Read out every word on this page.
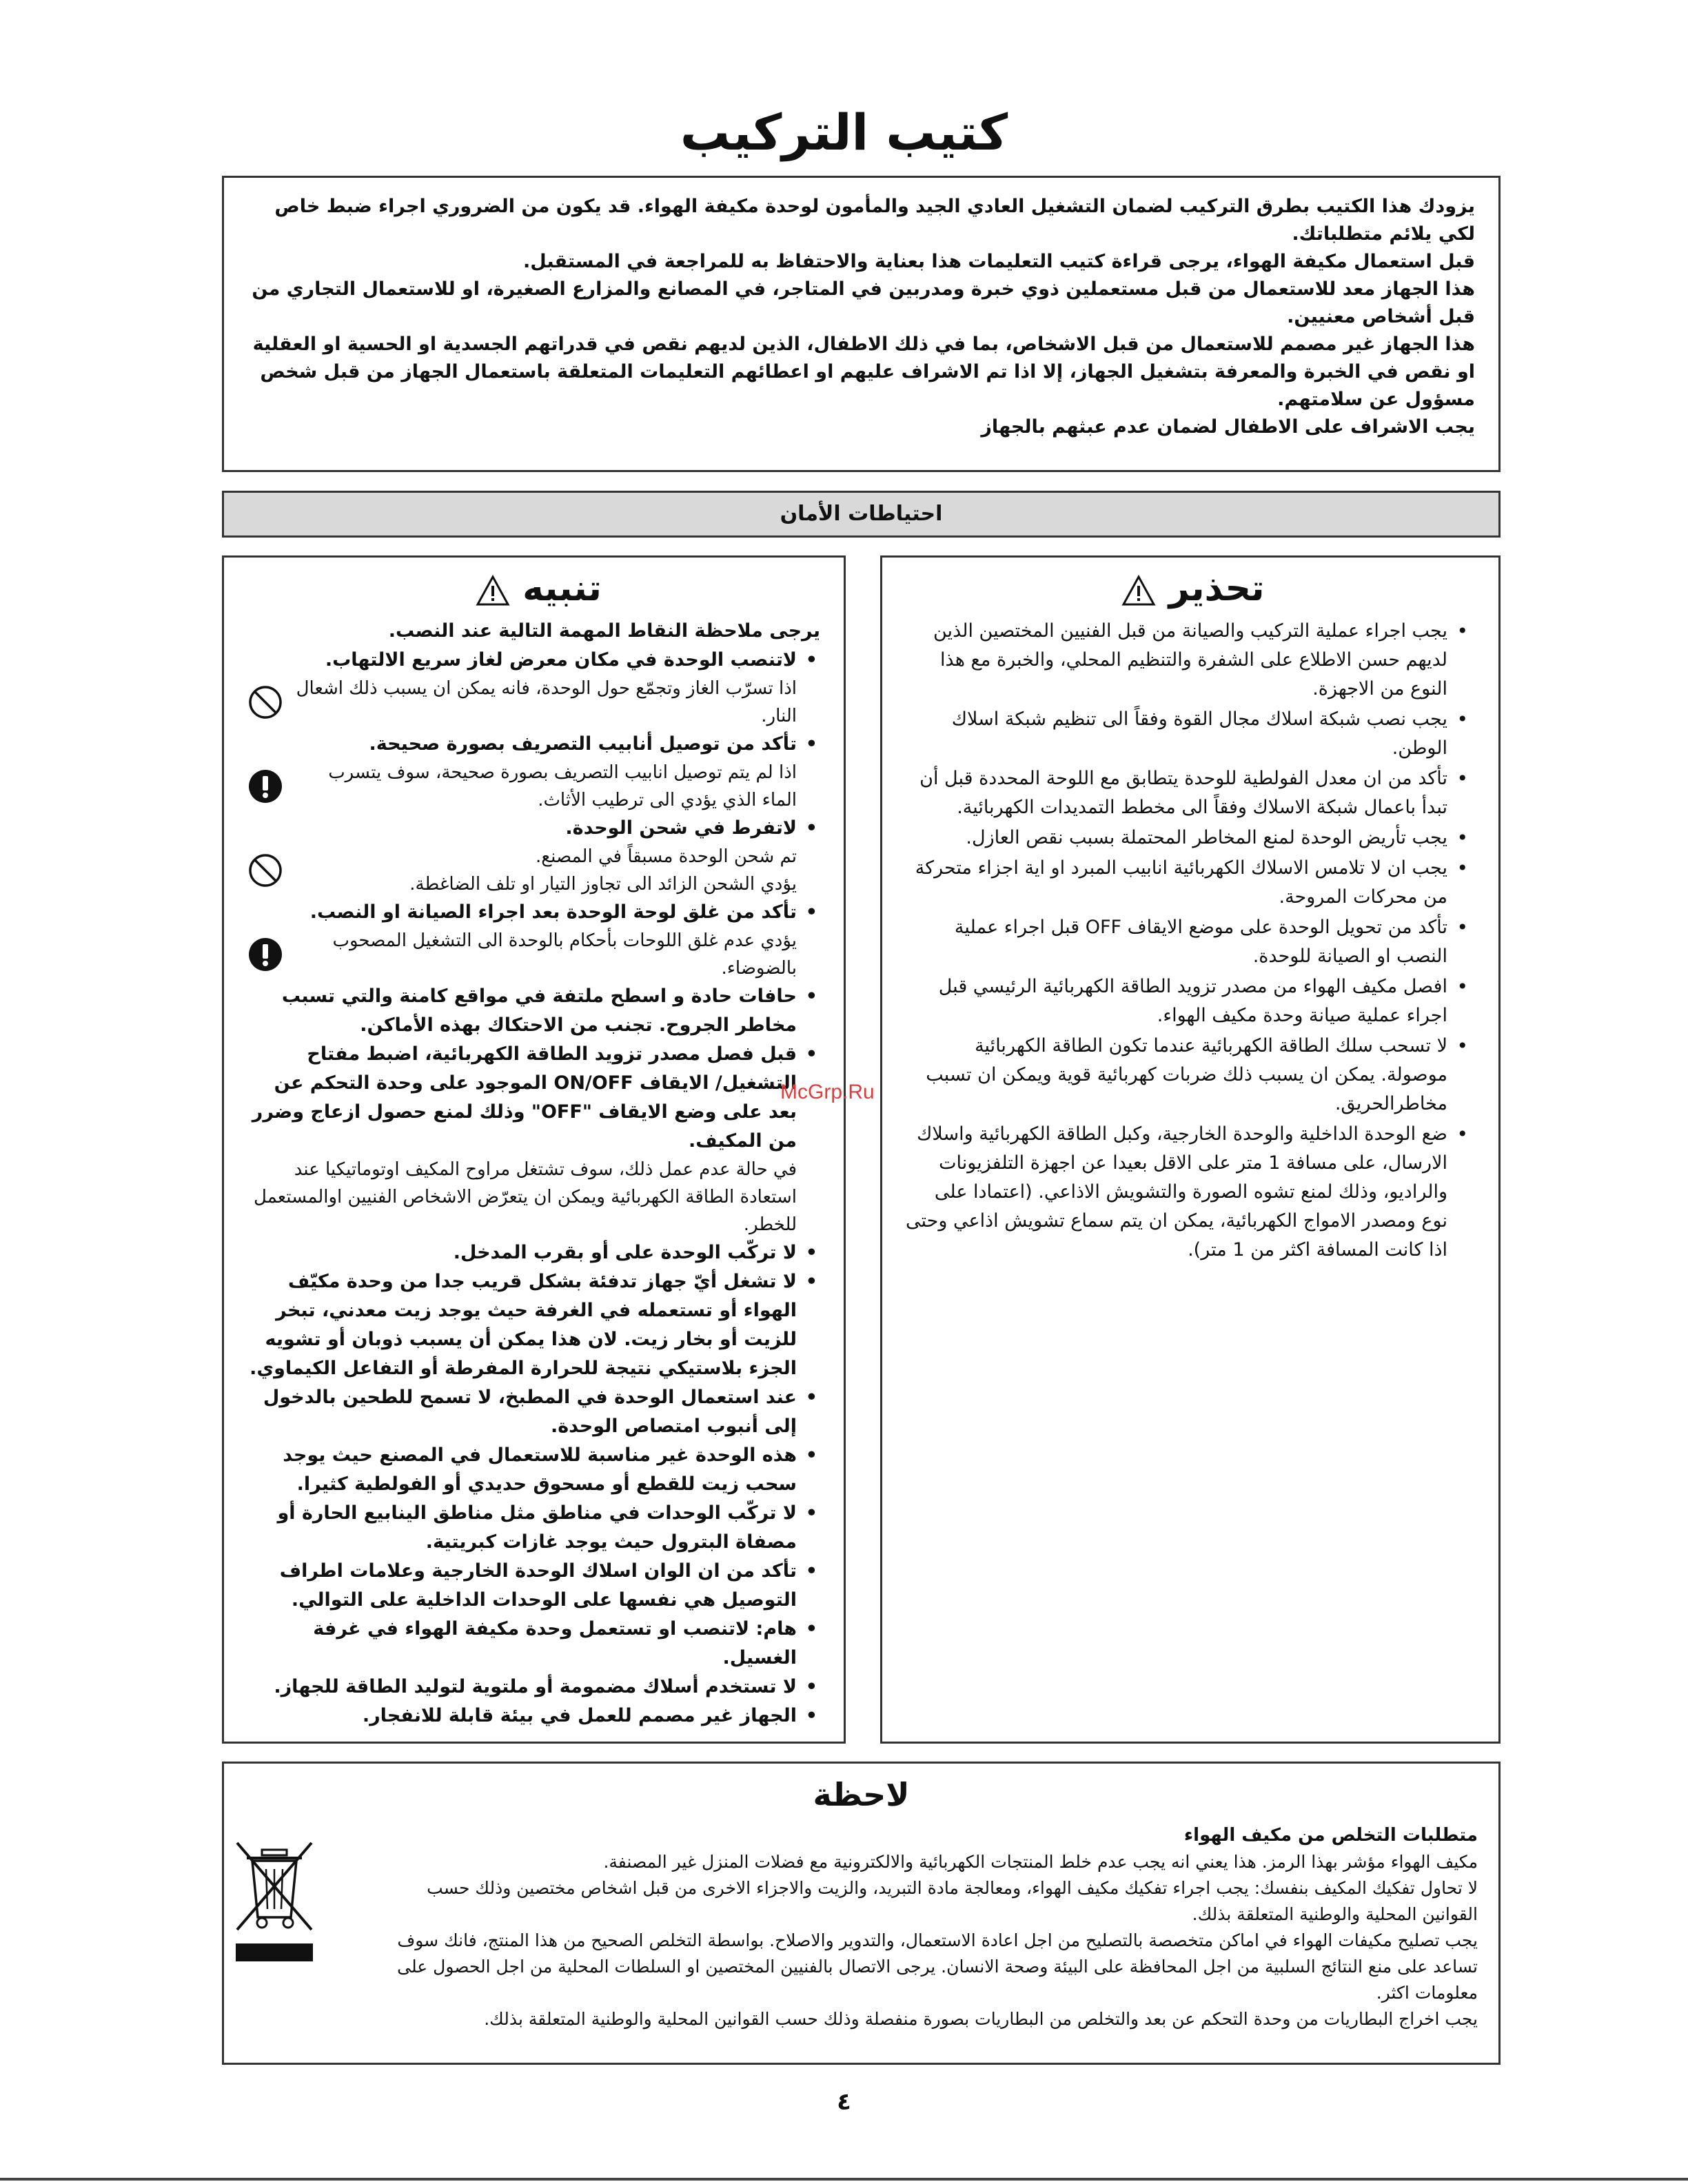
كتيب التركيب
يزودك هذا الكتيب بطرق التركيب لضمان التشغيل العادي الجيد والمأمون لوحدة مكيفة الهواء. قد يكون من الضروري اجراء ضبط خاص لكي يلائم متطلباتك.
قبل استعمال مكيفة الهواء، يرجى قراءة كتيب التعليمات هذا بعناية والاحتفاظ به للمراجعة في المستقبل.
هذا الجهاز معد للاستعمال من قبل مستعملين ذوي خبرة ومدربين في المتاجر، في المصانع والمزارع الصغيرة، او للاستعمال التجاري من قبل أشخاص معنيين.
هذا الجهاز غير مصمم للاستعمال من قبل الاشخاص، بما في ذلك الاطفال، الذين لديهم نقص في قدراتهم الجسدية او الحسية او العقلية او نقص في الخبرة والمعرفة بتشغيل الجهاز، إلا اذا تم الاشراف عليهم او اعطائهم التعليمات المتعلقة باستعمال الجهاز من قبل شخص مسؤول عن سلامتهم.
يجب الاشراف على الاطفال لضمان عدم عبثهم بالجهاز
احتياطات الأمان
تحذير
• يجب اجراء عملية التركيب والصيانة من قبل الفنيين المختصين الذين لديهم حسن الاطلاع على الشفرة والتنظيم المحلي، والخبرة مع هذا النوع من الاجهزة.
• يجب نصب شبكة اسلاك مجال القوة وفقاً الى تنظيم شبكة اسلاك الوطن.
• تأكد من ان معدل الفولطية للوحدة يتطابق مع اللوحة المحددة قبل أن تبدأ باعمال شبكة الاسلاك وفقاً الى مخطط التمديدات الكهربائية.
• يجب تأريض الوحدة لمنع المخاطر المحتملة بسبب نقص العازل.
• يجب ان لا تلامس الاسلاك الكهربائية انابيب المبرد او اية اجزاء متحركة من محركات المروحة.
• تأكد من تحويل الوحدة على موضع الايقاف OFF قبل اجراء عملية النصب او الصيانة للوحدة.
• افصل مكيف الهواء من مصدر تزويد الطاقة الكهربائية الرئيسي قبل اجراء عملية صيانة وحدة مكيف الهواء.
• لا تسحب سلك الطاقة الكهربائية عندما تكون الطاقة الكهربائية موصولة. يمكن ان يسبب ذلك ضربات كهربائية قوية ويمكن ان تسبب مخاطرالحريق.
• ضع الوحدة الداخلية والوحدة الخارجية، وكبل الطاقة الكهربائية واسلاك الارسال، على مسافة 1 متر على الاقل بعيدا عن اجهزة التلفزيونات والراديو، وذلك لمنع تشوه الصورة والتشويش الاذاعي. (اعتمادا على نوع ومصدر الامواج الكهربائية، يمكن ان يتم سماع تشويش اذاعي وحتى اذا كانت المسافة اكثر من 1 متر).
تنبيه
يرجى ملاحظة النقاط المهمة التالية عند النصب.
• لاتنصب الوحدة في مكان معرض لغاز سريع الالتهاب.
اذا تسرّب الغاز وتجمّع حول الوحدة، فانه يمكن ان يسبب ذلك اشعال النار.
• تأكد من توصيل أنابيب التصريف بصورة صحيحة.
اذا لم يتم توصيل انابيب التصريف بصورة صحيحة، سوف يتسرب الماء الذي يؤدي الى ترطيب الأثاث.
• لاتفرط في شحن الوحدة.
تم شحن الوحدة مسبقاً في المصنع.
يؤدي الشحن الزائد الى تجاوز التيار او تلف الضاغطة.
• تأكد من غلق لوحة الوحدة بعد اجراء الصيانة او النصب.
يؤدي عدم غلق اللوحات بأحكام بالوحدة الى التشغيل المصحوب بالضوضاء.
• حافات حادة و اسطح ملتفة في مواقع كامنة والتي تسبب مخاطر الجروح. تجنب من الاحتكاك بهذه الأماكن.
• قبل فصل مصدر تزويد الطاقة الكهربائية، اضبط مفتاح التشغيل/ الايقاف ON/OFF الموجود على وحدة التحكم عن بعد على وضع الايقاف "OFF" وذلك لمنع حصول ازعاج وضرر من المكيف.
في حالة عدم عمل ذلك، سوف تشتغل مراوح المكيف اوتوماتيكيا عند استعادة الطاقة الكهربائية ويمكن ان يتعرّض الاشخاص الفنيين اوالمستعمل للخطر.
• لا تركّب الوحدة على أو بقرب المدخل.
• لا تشغل أيّ جهاز تدفئة بشكل قريب جدا من وحدة مكيّف الهواء أو تستعمله في الغرفة حيث يوجد زيت معدني، تبخر للزيت أو بخار زيت. لان هذا يمكن أن يسبب ذوبان أو تشويه الجزء بلاستيكي نتيجة للحرارة المفرطة أو التفاعل الكيماوي.
• عند استعمال الوحدة في المطبخ، لا تسمح للطحين بالدخول إلى أنبوب امتصاص الوحدة.
• هذه الوحدة غير مناسبة للاستعمال في المصنع حيث يوجد سحب زيت للقطع أو مسحوق حديدي أو الفولطية كثيرا.
• لا تركّب الوحدات في مناطق مثل مناطق الينابيع الحارة أو مصفاة البترول حيث يوجد غازات كبريتية.
• تأكد من ان الوان اسلاك الوحدة الخارجية وعلامات اطراف التوصيل هي نفسها على الوحدات الداخلية على التوالي.
• هام: لاتنصب او تستعمل وحدة مكيفة الهواء في غرفة الغسيل.
• لا تستخدم أسلاك مضمومة أو ملتوية لتوليد الطاقة للجهاز.
• الجهاز غير مصمم للعمل في بيئة قابلة للانفجار.
McGrp.Ru
لاحظة
متطلبات التخلص من مكيف الهواء
مكيف الهواء مؤشر بهذا الرمز. هذا يعني انه يجب عدم خلط المنتجات الكهربائية والالكترونية مع فضلات المنزل غير المصنفة.
لا تحاول تفكيك المكيف بنفسك: يجب اجراء تفكيك مكيف الهواء، ومعالجة مادة التبريد، والزيت والاجزاء الاخرى من قبل اشخاص مختصين وذلك حسب القوانين المحلية والوطنية المتعلقة بذلك.
يجب تصليح مكيفات الهواء في اماكن متخصصة بالتصليح من اجل اعادة الاستعمال، والتدوير والاصلاح. بواسطة التخلص الصحيح من هذا المنتج، فانك سوف تساعد على منع النتائج السلبية من اجل المحافظة على البيئة وصحة الانسان. يرجى الاتصال بالفنيين المختصين او السلطات المحلية من اجل الحصول على معلومات اكثر.
يجب اخراج البطاريات من وحدة التحكم عن بعد والتخلص من البطاريات بصورة منفصلة وذلك حسب القوانين المحلية والوطنية المتعلقة بذلك.
٤
